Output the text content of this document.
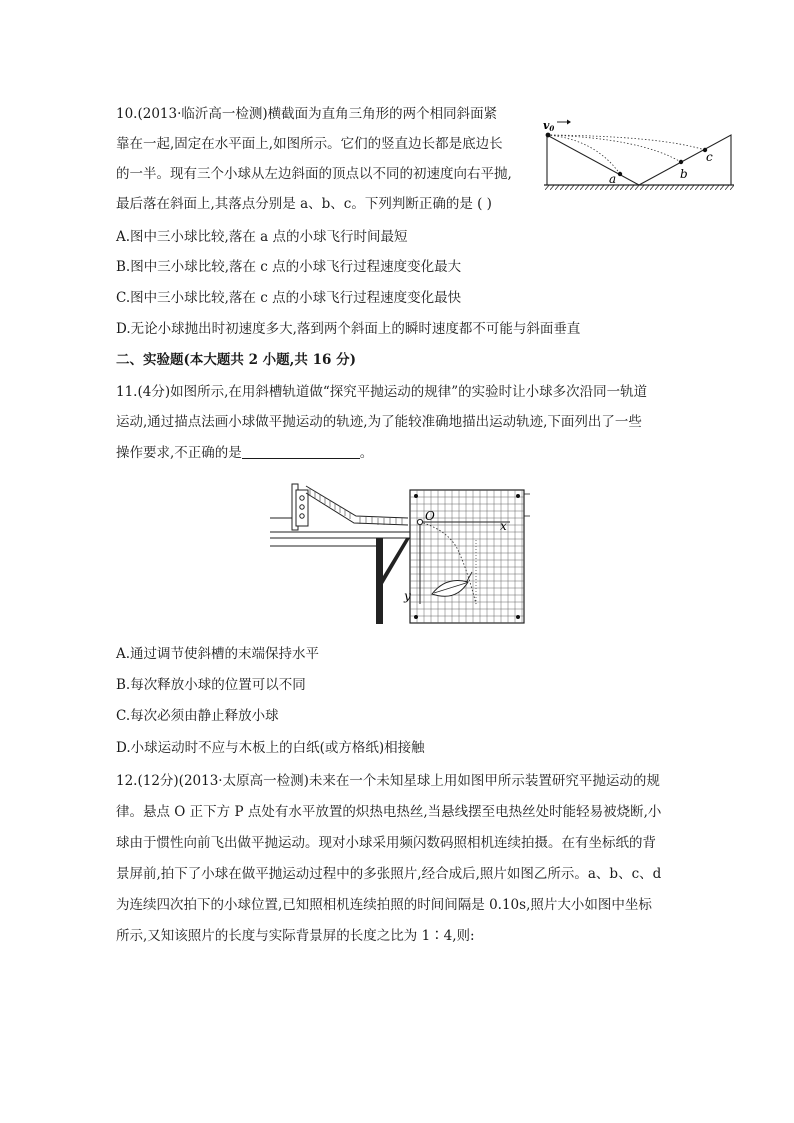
10.(2013·临沂高一检测)横截面为直角三角形的两个相同斜面紧
靠在一起,固定在水平面上,如图所示。它们的竖直边长都是底边长
的一半。现有三个小球从左边斜面的顶点以不同的初速度向右平抛,
最后落在斜面上,其落点分别是 a、b、c。下列判断正确的是 ( )
v0
a	b
c
A.图中三小球比较,落在 a 点的小球飞行时间最短
B.图中三小球比较,落在 c 点的小球飞行过程速度变化最大
C.图中三小球比较,落在 c 点的小球飞行过程速度变化最快
D.无论小球抛出时初速度多大,落到两个斜面上的瞬时速度都不可能与斜面垂直
二、实验题(本大题共 2 小题,共 16 分)
11.(4分)如图所示,在用斜槽轨道做“探究平抛运动的规律”的实验时让小球多次沿同一轨道
运动,通过描点法画小球做平抛运动的轨迹,为了能较准确地描出运动轨迹,下面列出了一些
操作要求,不正确的是	。
O
x
y
A.通过调节使斜槽的末端保持水平
B.每次释放小球的位置可以不同
C.每次必须由静止释放小球
D.小球运动时不应与木板上的白纸(或方格纸)相接触
12.(12分)(2013·太原高一检测)未来在一个未知星球上用如图甲所示装置研究平抛运动的规
律。悬点 O 正下方 P 点处有水平放置的炽热电热丝,当悬线摆至电热丝处时能轻易被烧断,小
球由于惯性向前飞出做平抛运动。现对小球采用频闪数码照相机连续拍摄。在有坐标纸的背
景屏前,拍下了小球在做平抛运动过程中的多张照片,经合成后,照片如图乙所示。a、b、c、d
为连续四次拍下的小球位置,已知照相机连续拍照的时间间隔是 0.10s,照片大小如图中坐标
所示,又知该照片的长度与实际背景屏的长度之比为 1∶4,则:
